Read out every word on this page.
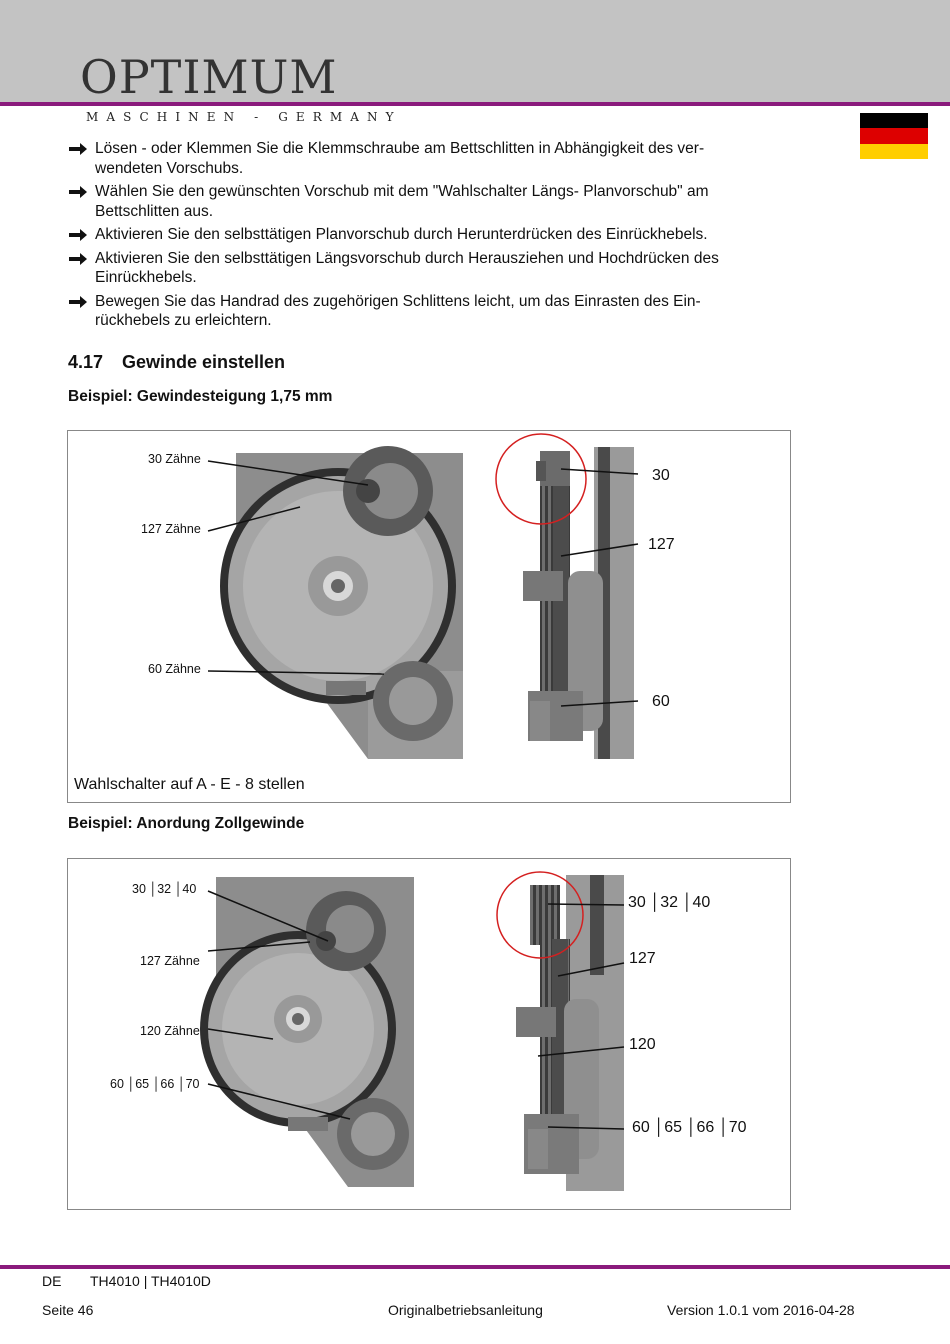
OPTIMUM
MASCHINEN - GERMANY
Lösen - oder Klemmen Sie die Klemmschraube am Bettschlitten in Abhängigkeit des ver-wendeten Vorschubs.
Wählen Sie den gewünschten Vorschub mit dem "Wahlschalter Längs- Planvorschub" am Bettschlitten aus.
Aktivieren Sie den selbsttätigen Planvorschub durch Herunterdrücken des Einrückhebels.
Aktivieren Sie den selbsttätigen Längsvorschub durch Herausziehen und Hochdrücken des Einrückhebels.
Bewegen Sie das Handrad des zugehörigen Schlittens leicht, um das Einrasten des Ein-rückhebels zu erleichtern.
4.17 Gewinde einstellen
Beispiel: Gewindesteigung 1,75 mm
30 Zähne
127 Zähne
60 Zähne
30
127
60
Wahlschalter auf A - E - 8 stellen
Beispiel: Anordung Zollgewinde
30 │32 │40
127 Zähne
120 Zähne
60 │65 │66 │70
30 │32 │40
127
120
60 │65 │66 │70
DE TH4010 | TH4010D
Seite 46	Originalbetriebsanleitung	Version 1.0.1 vom 2016-04-28
